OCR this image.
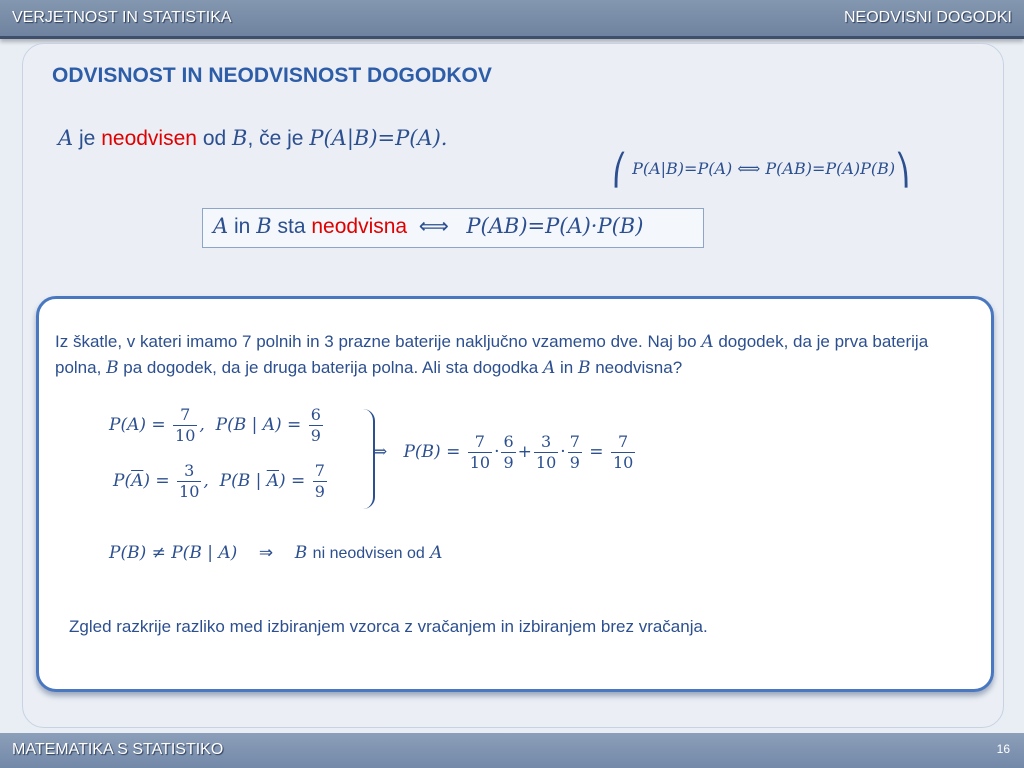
VERJETNOST IN STATISTIKA	NEODVISNI DOGODKI
ODVISNOST IN NEODVISNOST DOGODKOV
A je neodvisen od B, če je P(A|B)=P(A).
⎛ P(A|B)=P(A) ⟺ P(AB)=P(A)P(B)⎞
A in B sta neodvisna ⟺ P(AB)=P(A)·P(B)
Iz škatle, v kateri imamo 7 polnih in 3 prazne baterije naključno vzamemo dve. Naj bo A dogodek, da je prva baterija polna, B pa dogodek, da je druga baterija polna. Ali sta dogodka A in B neodvisna?
$P(A) = \frac{7}{10}$ ,  P(B | $A) = \frac{6}{9}$
$P(\overline{A}) = \frac{3}{10}$ ,  P(B | $\overline{A}) = \frac{7}{9}$
⇒ $P(B) = \frac{7}{10} \cdot \frac{6}{9} + \frac{3}{10} \cdot \frac{7}{9} = \frac{7}{10}$
P(B) ≠ P(B | A) ⇒ B ni neodvisen od A
Zgled razkrije razliko med izbiranjem vzorca z vračanjem in izbiranjem brez vračanja.
MATEMATIKA S STATISTIKO	16
